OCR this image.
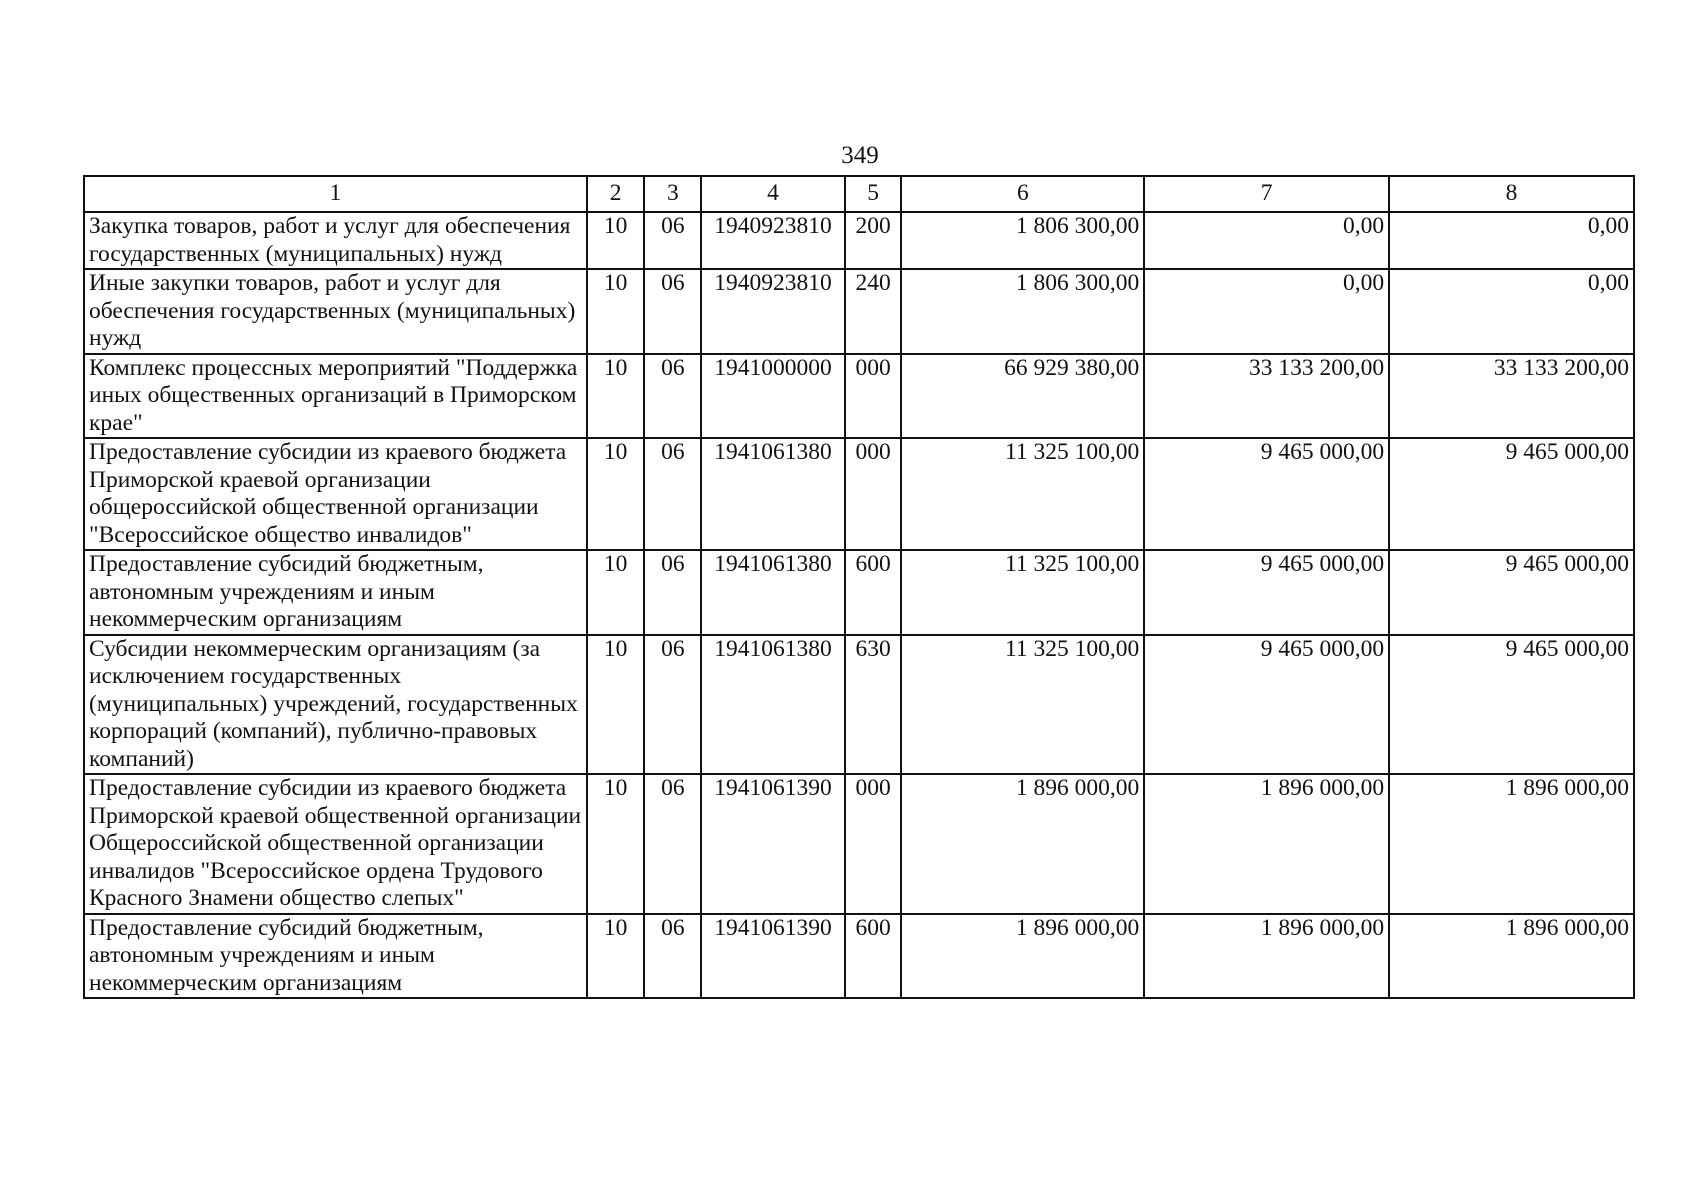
349
1	2	3	4	5	6	7	8
Закупка товаров, работ и услуг для обеспечения государственных (муниципальных) нужд	10	06	1940923810	200	1 806 300,00	0,00	0,00
Иные закупки товаров, работ и услуг для обеспечения государственных (муниципальных) нужд	10	06	1940923810	240	1 806 300,00	0,00	0,00
Комплекс процессных мероприятий "Поддержка иных общественных организаций в Приморском крае"	10	06	1941000000	000	66 929 380,00	33 133 200,00	33 133 200,00
Предоставление субсидии из краевого бюджета Приморской краевой организации общероссийской общественной организации "Всероссийское общество инвалидов"	10	06	1941061380	000	11 325 100,00	9 465 000,00	9 465 000,00
Предоставление субсидий бюджетным, автономным учреждениям и иным некоммерческим организациям	10	06	1941061380	600	11 325 100,00	9 465 000,00	9 465 000,00
Субсидии некоммерческим организациям (за исключением государственных (муниципальных) учреждений, государственных корпораций (компаний), публично-правовых компаний)	10	06	1941061380	630	11 325 100,00	9 465 000,00	9 465 000,00
Предоставление субсидии из краевого бюджета Приморской краевой общественной организации Общероссийской общественной организации инвалидов "Всероссийское ордена Трудового Красного Знамени общество слепых"	10	06	1941061390	000	1 896 000,00	1 896 000,00	1 896 000,00
Предоставление субсидий бюджетным, автономным учреждениям и иным некоммерческим организациям	10	06	1941061390	600	1 896 000,00	1 896 000,00	1 896 000,00
